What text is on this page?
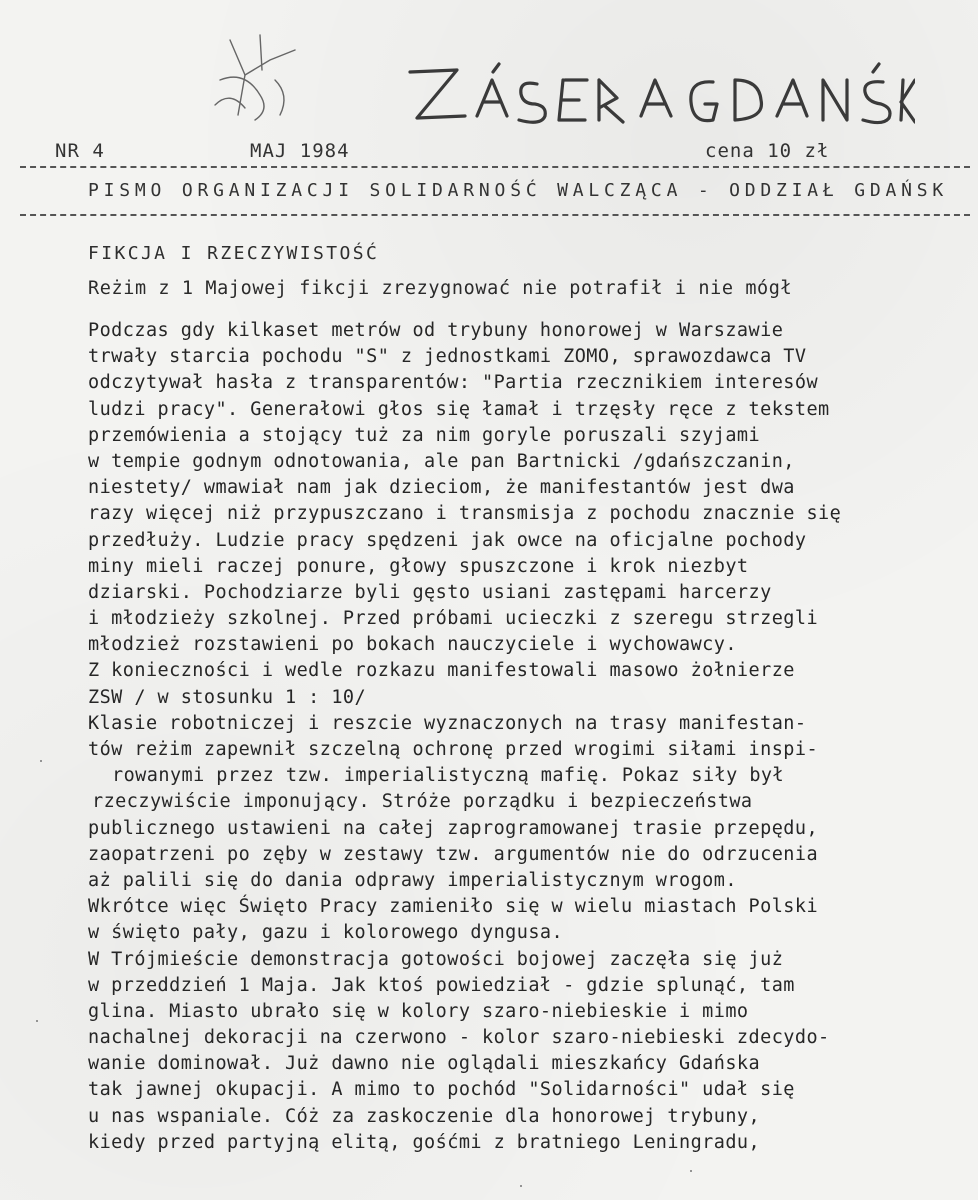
NR 4	MAJ 1984	cena 10 zł
PISMO ORGANIZACJI SOLIDARNOŚĆ WALCZĄCA - ODDZIAŁ GDAŃSK
FIKCJA I RZECZYWISTOŚĆ
Reżim z 1 Majowej fikcji zrezygnować nie potrafił i nie mógł
Podczas gdy kilkaset metrów od trybuny honorowej w Warszawie
trwały starcia pochodu "S" z jednostkami ZOMO, sprawozdawca TV
odczytywał hasła z transparentów: "Partia rzecznikiem interesów
ludzi pracy". Generałowi głos się łamał i trzęsły ręce z tekstem
przemówienia a stojący tuż za nim goryle poruszali szyjami
w tempie godnym odnotowania, ale pan Bartnicki /gdańszczanin,
niestety/ wmawiał nam jak dzieciom, że manifestantów jest dwa
razy więcej niż przypuszczano i transmisja z pochodu znacznie się
przedłuży. Ludzie pracy spędzeni jak owce na oficjalne pochody
miny mieli raczej ponure, głowy spuszczone i krok niezbyt
dziarski. Pochodziarze byli gęsto usiani zastępami harcerzy
i młodzieży szkolnej. Przed próbami ucieczki z szeregu strzegli
młodzież rozstawieni po bokach nauczyciele i wychowawcy.
Z konieczności i wedle rozkazu manifestowali masowo żołnierze
ZSW / w stosunku 1 : 10/
Klasie robotniczej i reszcie wyznaczonych na trasy manifestan-
tów reżim zapewnił szczelną ochronę przed wrogimi siłami inspi-
rowanymi przez tzw. imperialistyczną mafię. Pokaz siły był
rzeczywiście imponujący. Stróże porządku i bezpieczeństwa
publicznego ustawieni na całej zaprogramowanej trasie przepędu,
zaopatrzeni po zęby w zestawy tzw. argumentów nie do odrzucenia
aż palili się do dania odprawy imperialistycznym wrogom.
Wkrótce więc Święto Pracy zamieniło się w wielu miastach Polski
w święto pały, gazu i kolorowego dyngusa.
W Trójmieście demonstracja gotowości bojowej zaczęła się już
w przeddzień 1 Maja. Jak ktoś powiedział - gdzie splunąć, tam
glina. Miasto ubrało się w kolory szaro-niebieskie i mimo
nachalnej dekoracji na czerwono - kolor szaro-niebieski zdecydo-
wanie dominował. Już dawno nie oglądali mieszkańcy Gdańska
tak jawnej okupacji. A mimo to pochód "Solidarności" udał się
u nas wspaniale. Cóż za zaskoczenie dla honorowej trybuny,
kiedy przed partyjną elitą, gośćmi z bratniego Leningradu,
